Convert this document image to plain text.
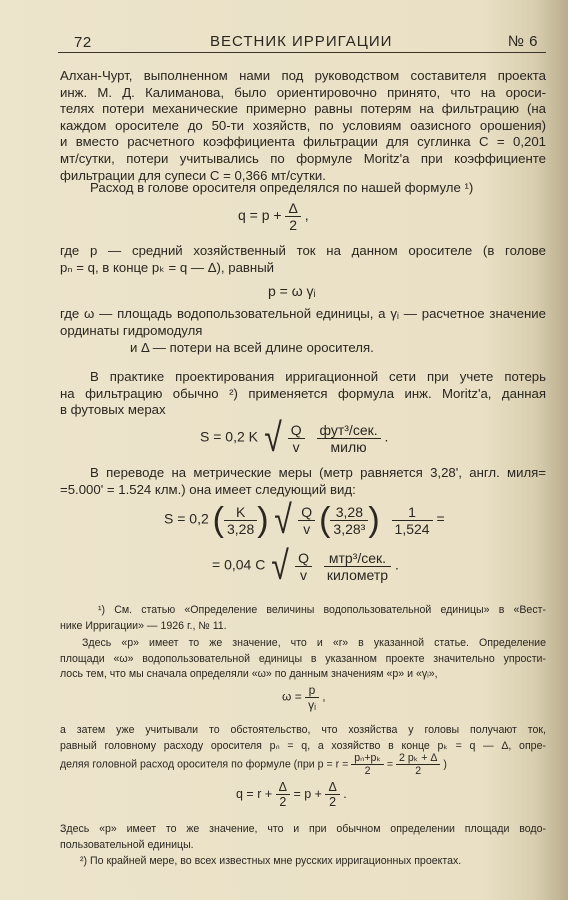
72	ВЕСТНИК ИРРИГАЦИИ	№ 6
Алхан-Чурт, выполненном нами под руководством составителя проекта
инж. М. Д. Калиманова, было ориентировочно принято, что на ороси-
телях потери механические примерно равны потерям на фильтрацию (на
каждом оросителе до 50-ти хозяйств, по условиям оазисного орошения)
и вместо расчетного коэффициента фильтрации для суглинка C = 0,201
мт/сутки, потери учитывались по формуле Moritz'a при коэффициенте
фильтрации для супеси C = 0,366 мт/сутки.
Расход в голове оросителя определялся по нашей формуле ¹)
$q = p + \frac{\Delta}{2}$ ,
где p — средний хозяйственный ток на данном оросителе (в голове
pₙ = q, в конце pₖ = q — Δ), равный
p = ω γᵢ
где ω — площадь водопользовательной единицы, а γᵢ — расчетное значение
ординаты гидромодуля
и Δ — потери на всей длине оросителя.
В практике проектирования ирригационной сети при учете потерь
на фильтрацию обычно ²) применяется формула инж. Moritz'a, данная
в футовых мерах
S = 0,2 K √ $\frac{Q}{v}$
$\frac{\text{фут³/сек.}}{\text{милю}}$ .
В переводе на метрические меры (метр равняется 3,28', англ. миля=
=5.000' = 1.524 клм.) она имеет следующий вид:
S = 0,2 ( $\frac{K}{3,28}$ ) √ $\frac{Q}{v}$ ( $\frac{3,28}{\text{3,28³}}$ ) $\frac{1}{1,524}$ =
= 0,04 C √ $\frac{Q}{v}$
$\frac{\text{мтр³/сек.}}{\text{километр}}$ .
¹) См. статью «Определение величины водопользовательной единицы» в «Вест-
нике Ирригации» — 1926 г., № 11.
Здесь «p» имеет то же значение, что и «r» в указанной статье. Определение
площади «ω» водопользовательной единицы в указанном проекте значительно упрости-
лось тем, что мы сначала определяли «ω» по данным значениям «p» и «γᵢ»,
$\omega = \frac{p}{\text{γᵢ}}$ ,
а затем уже учитывали то обстоятельство, что хозяйства у головы получают ток,
равный головному расходу оросителя pₙ = q, а хозяйство в конце pₖ = q — Δ, опре-
деляя головной расход оросителя по формуле (при $p = r = \frac{\text{pₙ+pₖ}}{2} = \frac{\text{2 pₖ + Δ}}{2}$ )
$q = r + \frac{\Delta}{2} = p + \frac{\Delta}{2}$ .
Здесь «p» имеет то же значение, что и при обычном определении площади водо-
пользовательной единицы.
²) По крайней мере, во всех известных мне русских ирригационных проектах.
